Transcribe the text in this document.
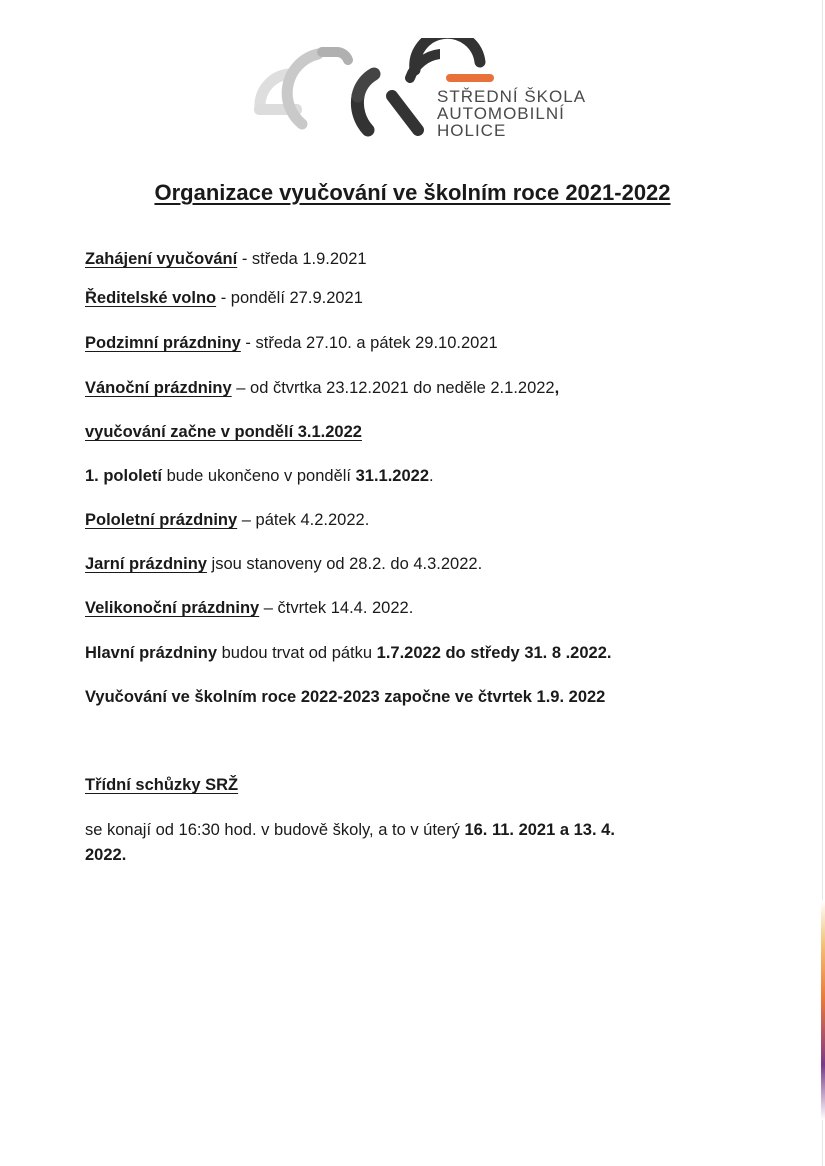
STŘEDNÍ ŠKOLA
AUTOMOBILNÍ
HOLICE
Organizace vyučování ve školním roce 2021-2022
Zahájení vyučování - středa 1.9.2021
Ředitelské volno - pondělí 27.9.2021
Podzimní prázdniny - středa 27.10. a pátek 29.10.2021
Vánoční prázdniny – od čtvrtka 23.12.2021 do neděle 2.1.2022,
vyučování začne v pondělí 3.1.2022
1. pololetí bude ukončeno v pondělí 31.1.2022.
Pololetní prázdniny – pátek 4.2.2022.
Jarní prázdniny jsou stanoveny od 28.2. do 4.3.2022.
Velikonoční prázdniny – čtvrtek 14.4. 2022.
Hlavní prázdniny budou trvat od pátku 1.7.2022 do středy 31. 8 .2022.
Vyučování ve školním roce 2022-2023 započne ve čtvrtek 1.9. 2022
Třídní schůzky SRŽ
se konají od 16:30 hod. v budově školy, a to v úterý 16. 11. 2021 a 13. 4.
2022.
